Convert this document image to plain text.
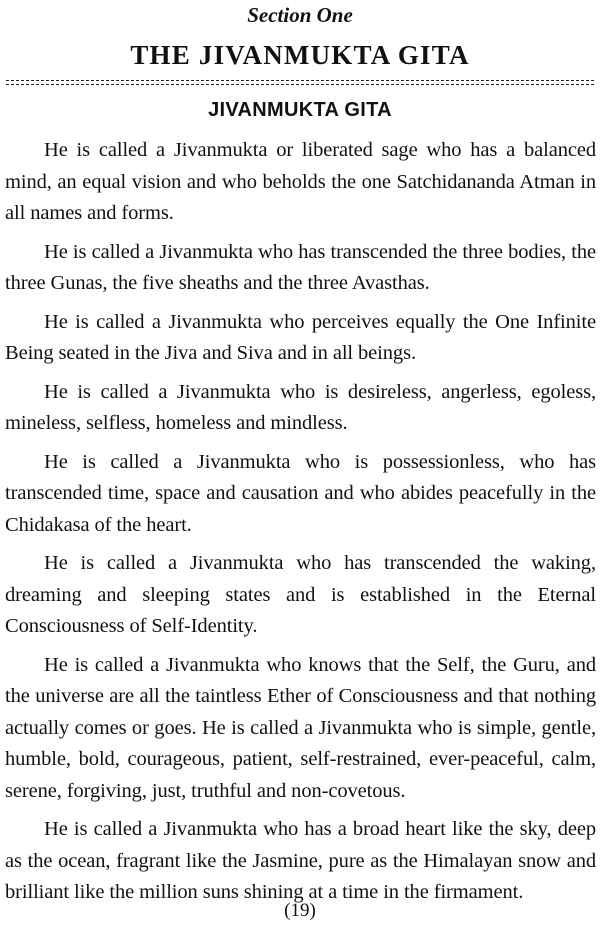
Section One
THE JIVANMUKTA GITA
JIVANMUKTA GITA

He is called a Jivanmukta or liberated sage who has a balanced mind, an equal vision and who beholds the one Satchidananda Atman in all names and forms.

He is called a Jivanmukta who has transcended the three bodies, the three Gunas, the five sheaths and the three Avasthas.

He is called a Jivanmukta who perceives equally the One Infinite Being seated in the Jiva and Siva and in all beings.

He is called a Jivanmukta who is desireless, angerless, egoless, mineless, selfless, homeless and mindless.

He is called a Jivanmukta who is possessionless, who has transcended time, space and causation and who abides peacefully in the Chidakasa of the heart.

He is called a Jivanmukta who has transcended the waking, dreaming and sleeping states and is established in the Eternal Consciousness of Self-Identity.

He is called a Jivanmukta who knows that the Self, the Guru, and the universe are all the taintless Ether of Consciousness and that nothing actually comes or goes. He is called a Jivanmukta who is simple, gentle, humble, bold, courageous, patient, self-restrained, ever-peaceful, calm, serene, forgiving, just, truthful and non-covetous.

He is called a Jivanmukta who has a broad heart like the sky, deep as the ocean, fragrant like the Jasmine, pure as the Himalayan snow and brilliant like the million suns shining at a time in the firmament.

(19)
